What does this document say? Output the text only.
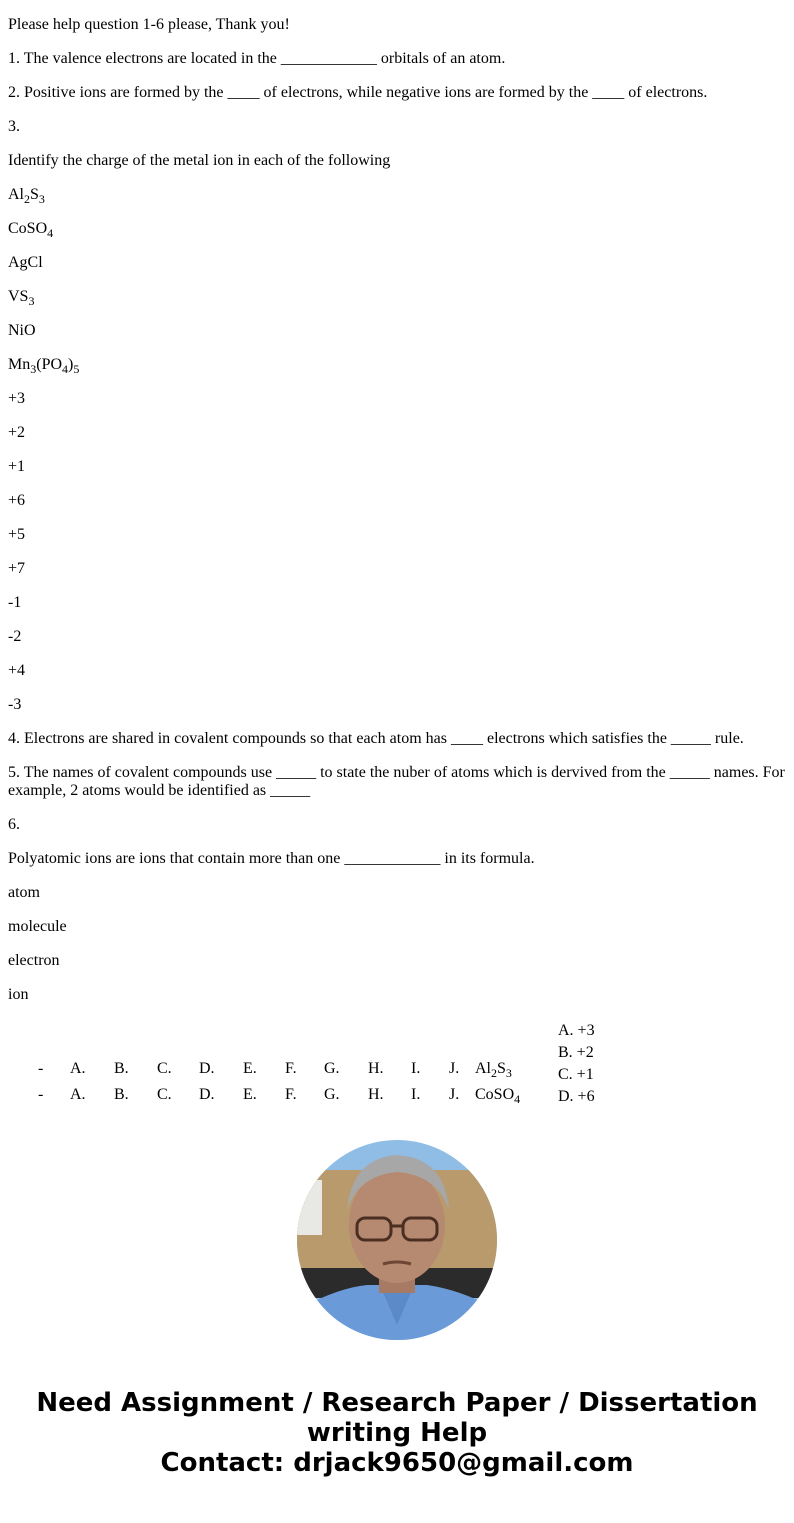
Please help question 1-6 please, Thank you!

1. The valence electrons are located in the ____________ orbitals of an atom.

2. Positive ions are formed by the ____ of electrons, while negative ions are formed by the ____ of electrons.

3.

Identify the charge of the metal ion in each of the following

$Al_2S_3$

CoSO$_4$

AgCl

$VS_3$

NiO

$Mn_3(PO_4)_5$

+3

+2

+1

+6

+5

+7

-1

-2

+4

-3

4. Electrons are shared in covalent compounds so that each atom has ____ electrons which satisfies the _____ rule.

5. The names of covalent compounds use _____ to state the nuber of atoms which is dervived from the _____ names. For example, 2 atoms would be identified as _____

6.

Polyatomic ions are ions that contain more than one ____________ in its formula.

atom

molecule

electron

ion

- A. B. C. D. E. F. G. H. I. J. $Al_2S_3$
- A. B. C. D. E. F. G. H. I. J. CoSO$_4$
A. +3
B. +2
C. +1
D. +6
Need Assignment / Research Paper / Dissertation
writing Help
Contact: drjack9650@gmail.com
